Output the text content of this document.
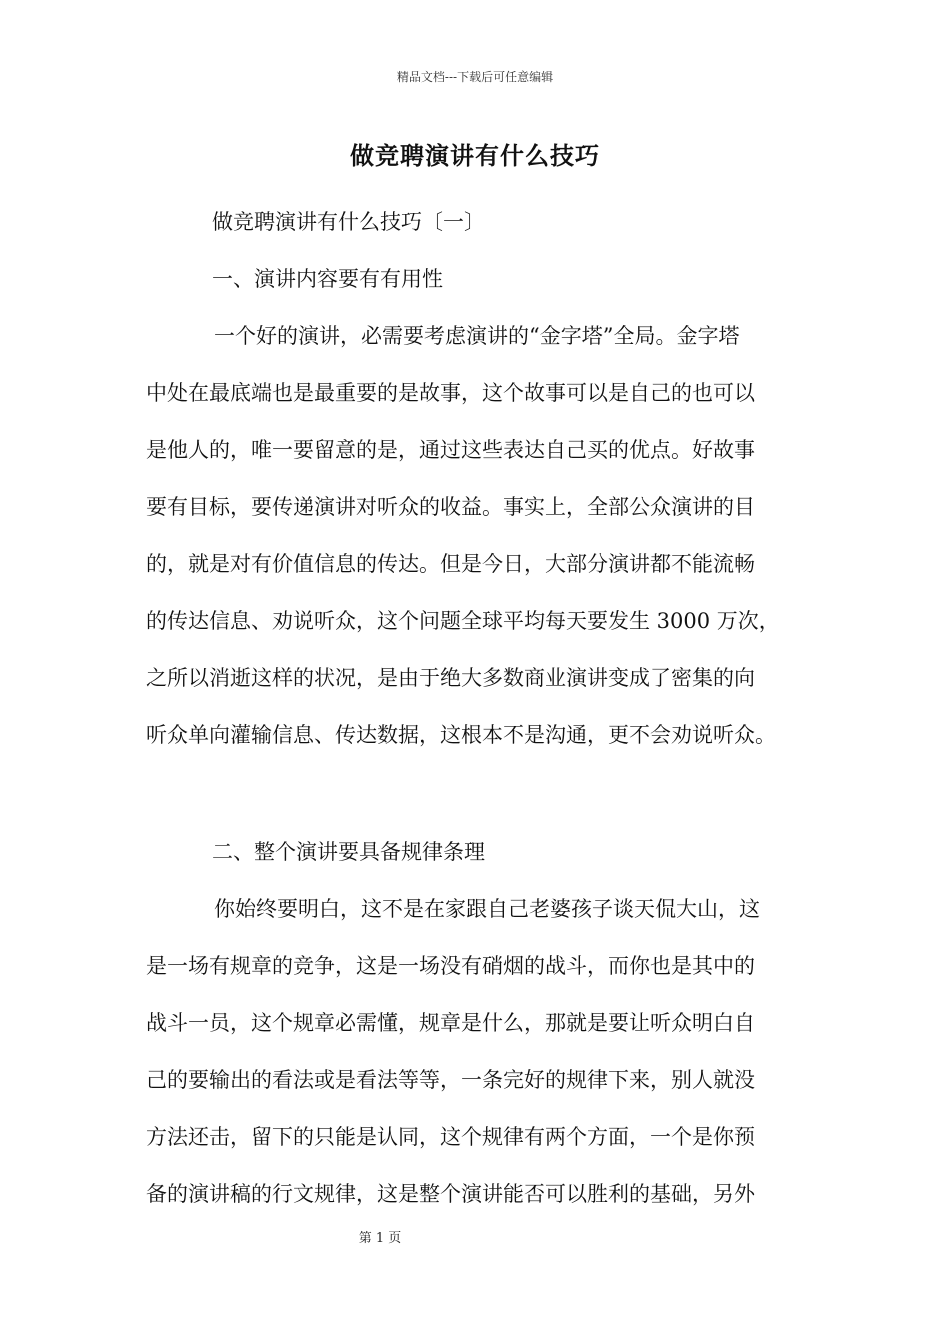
精品文档---下载后可任意编辑
做竞聘演讲有什么技巧
做竞聘演讲有什么技巧〔一〕
一、演讲内容要有有用性
一个好的演讲，必需要考虑演讲的“金字塔”全局。金字塔
中处在最底端也是最重要的是故事，这个故事可以是自己的也可以
是他人的，唯一要留意的是，通过这些表达自己买的优点。好故事
要有目标，要传递演讲对听众的收益。事实上，全部公众演讲的目
的，就是对有价值信息的传达。但是今日，大部分演讲都不能流畅
的传达信息、劝说听众，这个问题全球平均每天要发生 3000 万次，
之所以消逝这样的状况，是由于绝大多数商业演讲变成了密集的向
听众单向灌输信息、传达数据，这根本不是沟通，更不会劝说听众。
二、整个演讲要具备规律条理
你始终要明白，这不是在家跟自己老婆孩子谈天侃大山，这
是一场有规章的竞争，这是一场没有硝烟的战斗，而你也是其中的
战斗一员，这个规章必需懂，规章是什么，那就是要让听众明白自
己的要输出的看法或是看法等等，一条完好的规律下来，别人就没
方法还击，留下的只能是认同，这个规律有两个方面，一个是你预
备的演讲稿的行文规律，这是整个演讲能否可以胜利的基础，另外
第 1 页
